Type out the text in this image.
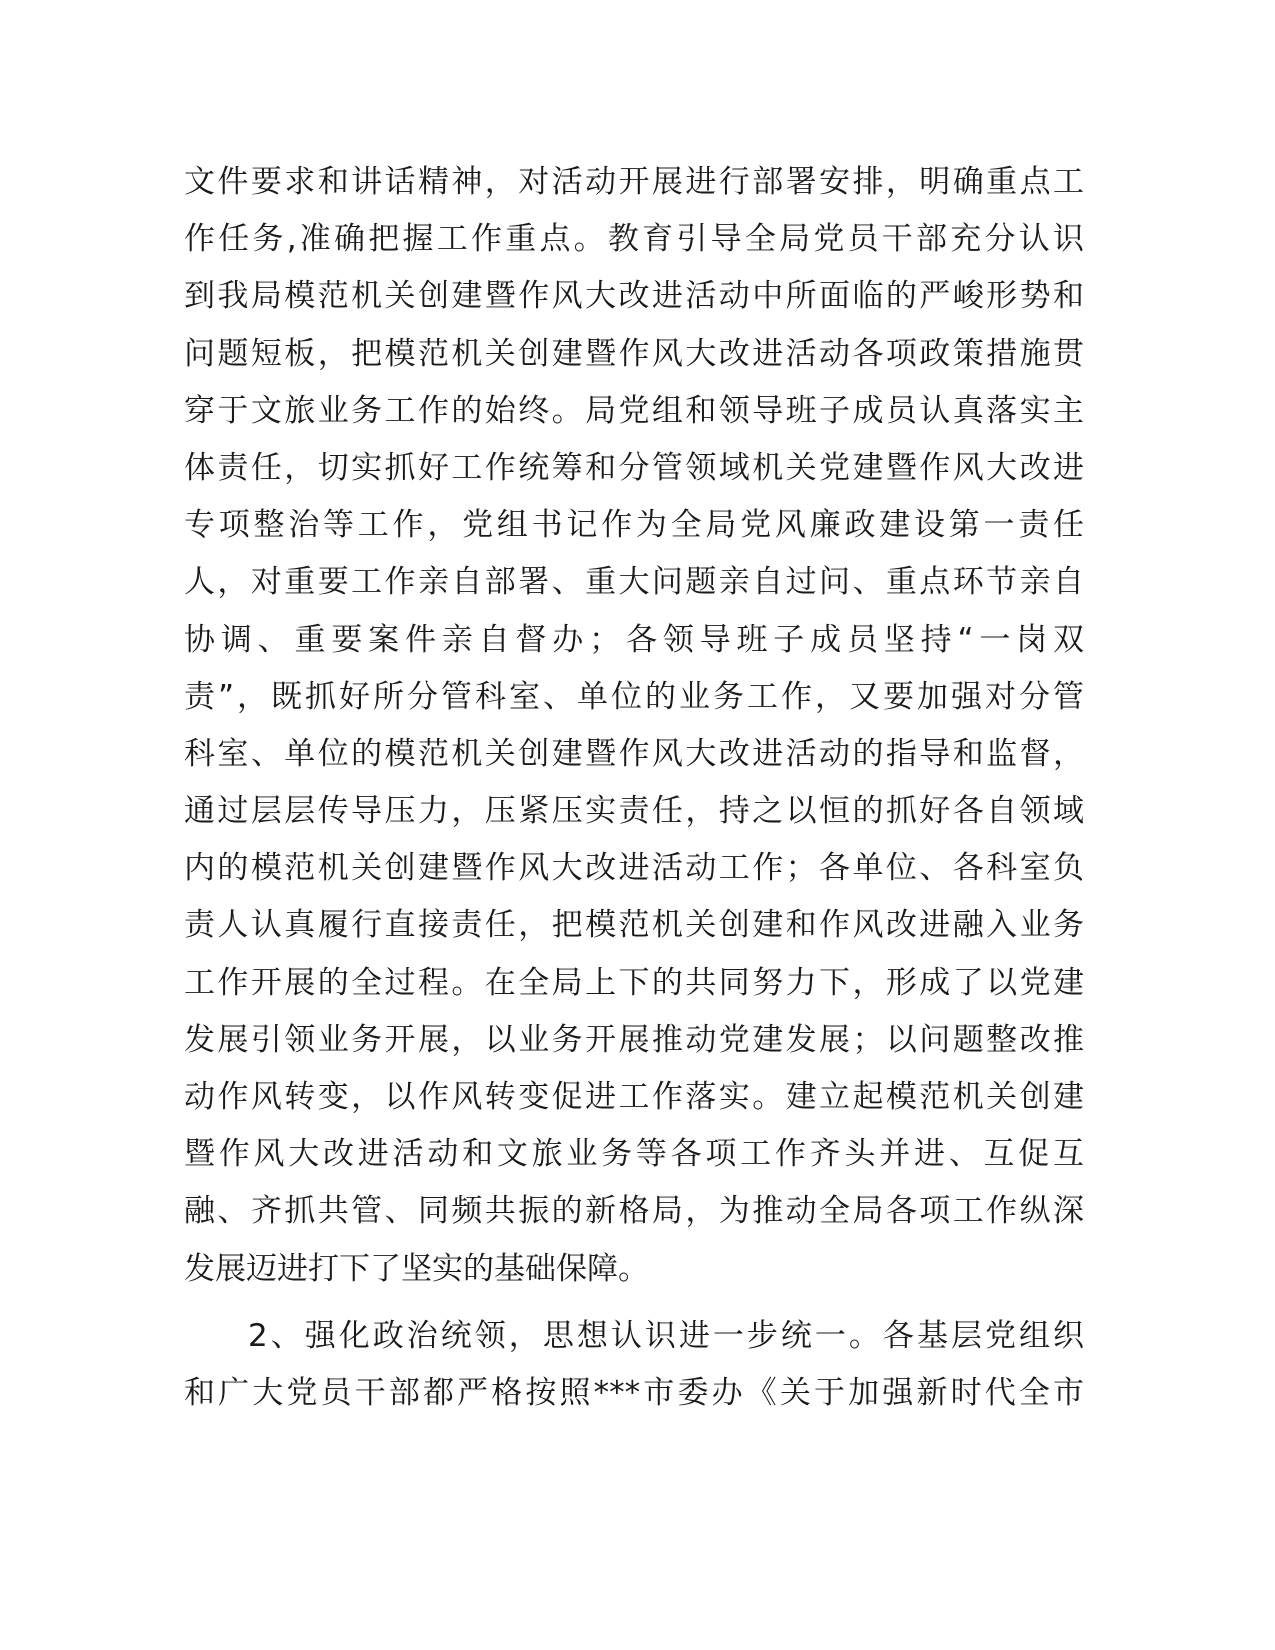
文件要求和讲话精神，对活动开展进行部署安排，明确重点工
作任务,准确把握工作重点。教育引导全局党员干部充分认识
到我局模范机关创建暨作风大改进活动中所面临的严峻形势和
问题短板，把模范机关创建暨作风大改进活动各项政策措施贯
穿于文旅业务工作的始终。局党组和领导班子成员认真落实主
体责任，切实抓好工作统筹和分管领域机关党建暨作风大改进
专项整治等工作，党组书记作为全局党风廉政建设第一责任
人，对重要工作亲自部署、重大问题亲自过问、重点环节亲自
协调、重要案件亲自督办；各领导班子成员坚持“一岗双
责”，既抓好所分管科室、单位的业务工作，又要加强对分管
科室、单位的模范机关创建暨作风大改进活动的指导和监督，
通过层层传导压力，压紧压实责任，持之以恒的抓好各自领域
内的模范机关创建暨作风大改进活动工作；各单位、各科室负
责人认真履行直接责任，把模范机关创建和作风改进融入业务
工作开展的全过程。在全局上下的共同努力下，形成了以党建
发展引领业务开展，以业务开展推动党建发展；以问题整改推
动作风转变，以作风转变促进工作落实。建立起模范机关创建
暨作风大改进活动和文旅业务等各项工作齐头并进、互促互
融、齐抓共管、同频共振的新格局，为推动全局各项工作纵深
发展迈进打下了坚实的基础保障。
2、强化政治统领，思想认识进一步统一。各基层党组织
和广大党员干部都严格按照***市委办《关于加强新时代全市
